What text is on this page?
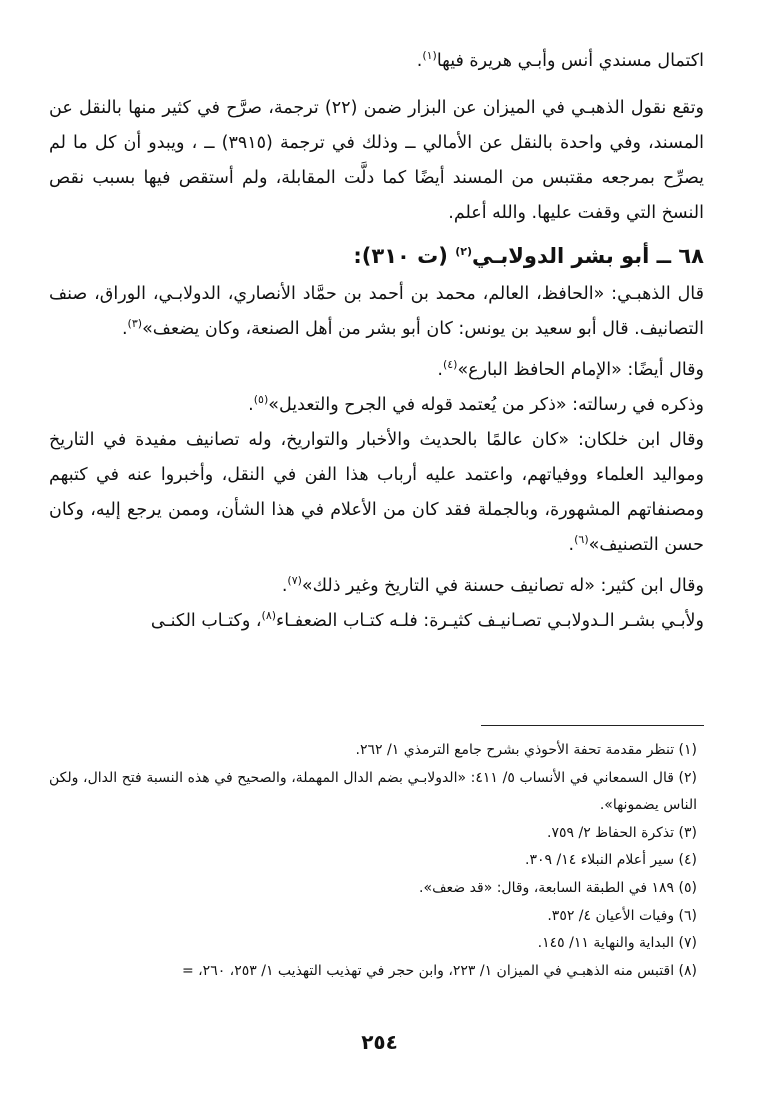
اكتمال مسندي أنس وأبـي هريرة فيها$^{(١)}$.

وتقع نقول الذهبـي في الميزان عن البزار ضمن (٢٢) ترجمة، صرَّح في كثير منها بالنقل عن المسند، وفي واحدة بالنقل عن الأمالي ــ وذلك في ترجمة (٣٩١٥) ــ ، ويبدو أن كل ما لم يصرِّح بمرجعه مقتبس من المسند أيضًا كما دلَّت المقابلة، ولم أستقص فيها بسبب نقص النسخ التي وقفت عليها. والله أعلم.

٦٨ ــ أبو بشر الدولابـي$^{(٢)}$ (ت ٣١٠):

قال الذهبـي: «الحافظ، العالم، محمد بن أحمد بن حمَّاد الأنصاري، الدولابـي، الوراق، صنف التصانيف. قال أبو سعيد بن يونس: كان أبو بشر من أهل الصنعة، وكان يضعف»$^{(٣)}$.

وقال أيضًا: «الإمام الحافظ البارع»$^{(٤)}$.

وذكره في رسالته: «ذكر من يُعتمد قوله في الجرح والتعديل»$^{(٥)}$.

وقال ابن خلكان: «كان عالمًا بالحديث والأخبار والتواريخ، وله تصانيف مفيدة في التاريخ ومواليد العلماء ووفياتهم، واعتمد عليه أرباب هذا الفن في النقل، وأخبروا عنه في كتبهم ومصنفاتهم المشهورة، وبالجملة فقد كان من الأعلام في هذا الشأن، وممن يرجع إليه، وكان حسن التصنيف»$^{(٦)}$.

وقال ابن كثير: «له تصانيف حسنة في التاريخ وغير ذلك»$^{(٧)}$.

ولأبـي بشـر الـدولابـي تصـانيـف كثيـرة: فلـه كتـاب الضعفـاء$^{(٨)}$، وكتـاب الكنـى

(١) تنظر مقدمة تحفة الأحوذي بشرح جامع الترمذي ١/ ٢٦٢.

(٢) قال السمعاني في الأنساب ٥/ ٤١١: «الدولابـي بضم الدال المهملة، والصحيح في هذه النسبة فتح الدال، ولكن الناس يضمونها».

(٣) تذكرة الحفاظ ٢/ ٧٥٩.

(٤) سير أعلام النبلاء ١٤/ ٣٠٩.

(٥) ١٨٩ في الطبقة السابعة، وقال: «قد ضعف».

(٦) وفيات الأعيان ٤/ ٣٥٢.

(٧) البداية والنهاية ١١/ ١٤٥.

(٨) اقتبس منه الذهبـي في الميزان ١/ ٢٢٣، وابن حجر في تهذيب التهذيب ١/ ٢٥٣، ٢٦٠، =

٢٥٤
